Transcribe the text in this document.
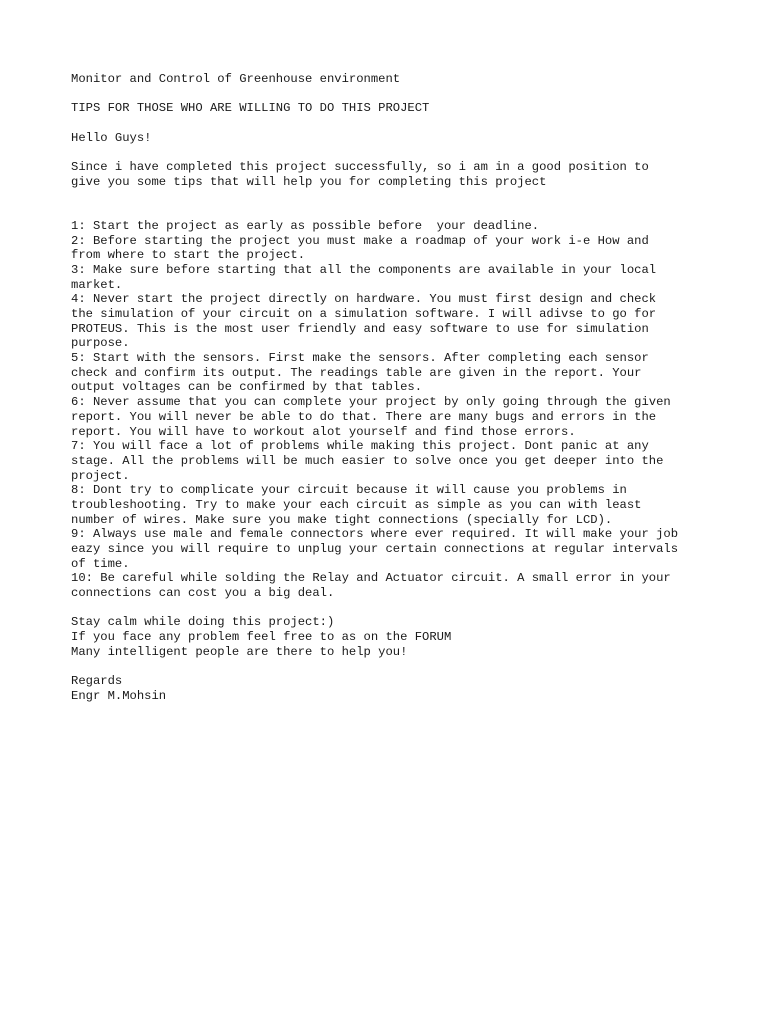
Monitor and Control of Greenhouse environment
TIPS FOR THOSE WHO ARE WILLING TO DO THIS PROJECT
Hello Guys!
Since i have completed this project successfully, so i am in a good position to
give you some tips that will help you for completing this project
1: Start the project as early as possible before  your deadline.
2: Before starting the project you must make a roadmap of your work i-e How and
from where to start the project.
3: Make sure before starting that all the components are available in your local
market.
4: Never start the project directly on hardware. You must first design and check
the simulation of your circuit on a simulation software. I will adivse to go for
PROTEUS. This is the most user friendly and easy software to use for simulation
purpose.
5: Start with the sensors. First make the sensors. After completing each sensor
check and confirm its output. The readings table are given in the report. Your
output voltages can be confirmed by that tables.
6: Never assume that you can complete your project by only going through the given
report. You will never be able to do that. There are many bugs and errors in the
report. You will have to workout alot yourself and find those errors.
7: You will face a lot of problems while making this project. Dont panic at any
stage. All the problems will be much easier to solve once you get deeper into the
project.
8: Dont try to complicate your circuit because it will cause you problems in
troubleshooting. Try to make your each circuit as simple as you can with least
number of wires. Make sure you make tight connections (specially for LCD).
9: Always use male and female connectors where ever required. It will make your job
eazy since you will require to unplug your certain connections at regular intervals
of time.
10: Be careful while solding the Relay and Actuator circuit. A small error in your
connections can cost you a big deal.
Stay calm while doing this project:)
If you face any problem feel free to as on the FORUM
Many intelligent people are there to help you!
Regards
Engr M.Mohsin
